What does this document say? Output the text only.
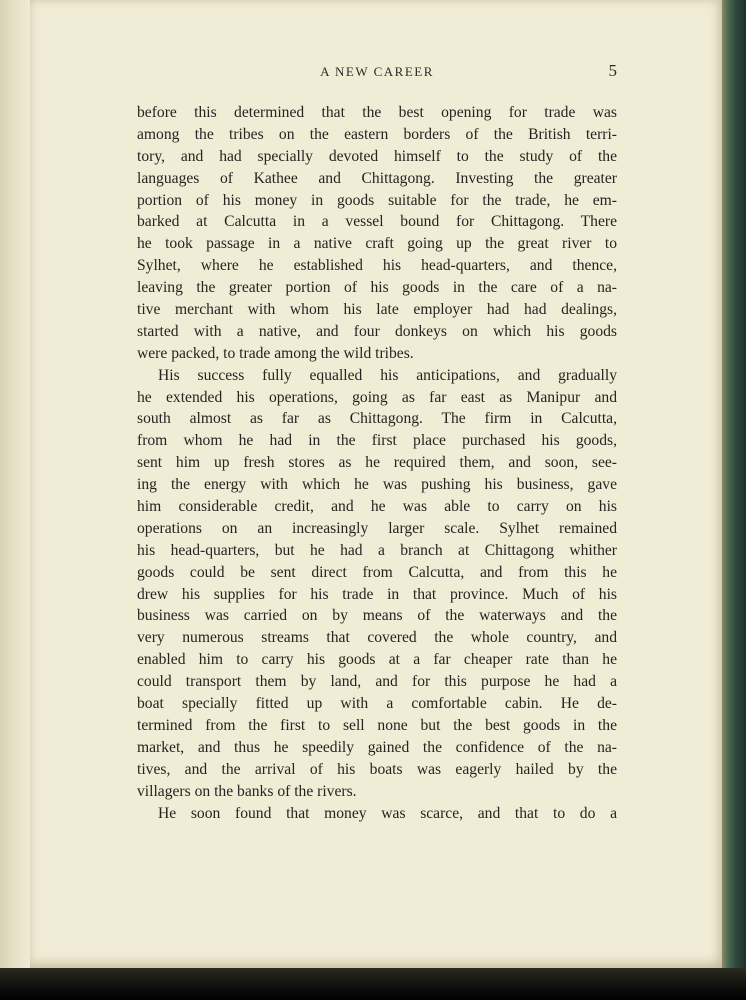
A NEW CAREER	5
before this determined that the best opening for trade was
among the tribes on the eastern borders of the British terri-
tory, and had specially devoted himself to the study of the
languages of Kathee and Chittagong. Investing the greater
portion of his money in goods suitable for the trade, he em-
barked at Calcutta in a vessel bound for Chittagong. There
he took passage in a native craft going up the great river to
Sylhet, where he established his head-quarters, and thence,
leaving the greater portion of his goods in the care of a na-
tive merchant with whom his late employer had had dealings,
started with a native, and four donkeys on which his goods
were packed, to trade among the wild tribes.
His success fully equalled his anticipations, and gradually
he extended his operations, going as far east as Manipur and
south almost as far as Chittagong. The firm in Calcutta,
from whom he had in the first place purchased his goods,
sent him up fresh stores as he required them, and soon, see-
ing the energy with which he was pushing his business, gave
him considerable credit, and he was able to carry on his
operations on an increasingly larger scale. Sylhet remained
his head-quarters, but he had a branch at Chittagong whither
goods could be sent direct from Calcutta, and from this he
drew his supplies for his trade in that province. Much of his
business was carried on by means of the waterways and the
very numerous streams that covered the whole country, and
enabled him to carry his goods at a far cheaper rate than he
could transport them by land, and for this purpose he had a
boat specially fitted up with a comfortable cabin. He de-
termined from the first to sell none but the best goods in the
market, and thus he speedily gained the confidence of the na-
tives, and the arrival of his boats was eagerly hailed by the
villagers on the banks of the rivers.
He soon found that money was scarce, and that to do a
